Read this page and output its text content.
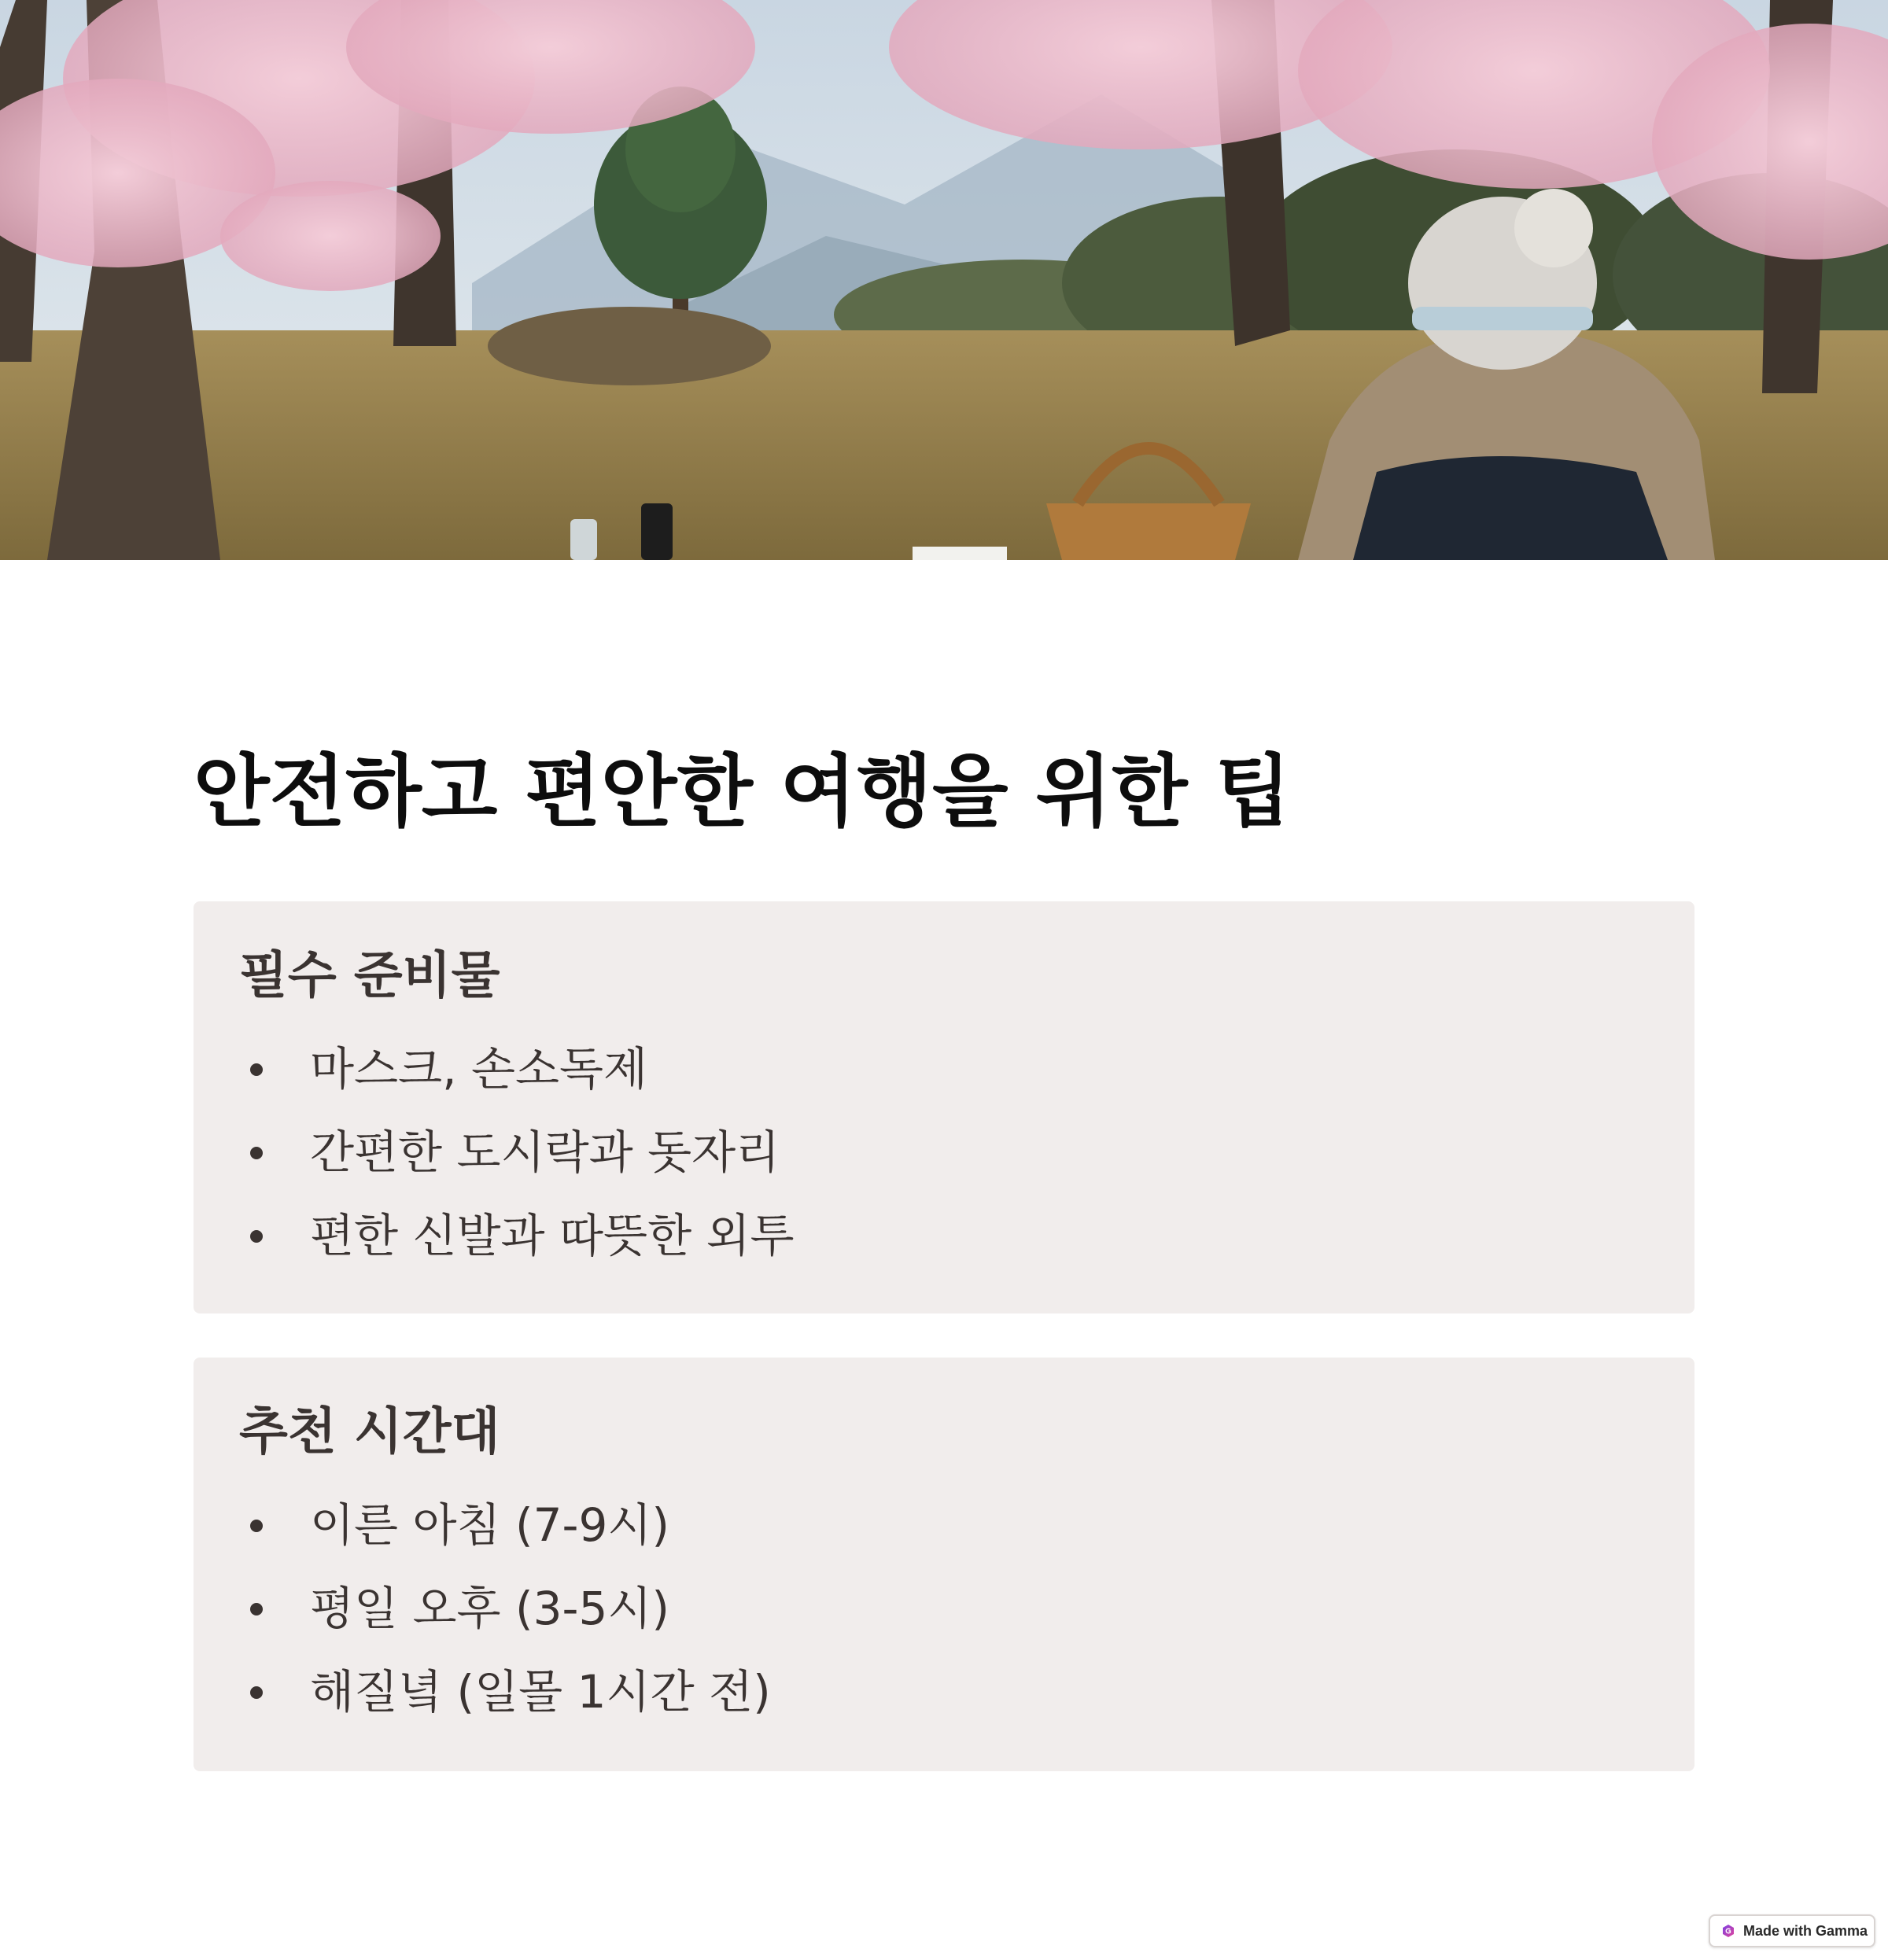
안전하고 편안한 여행을 위한 팁
필수 준비물
마스크, 손소독제
간편한 도시락과 돗자리
편한 신발과 따뜻한 외투
추천 시간대
이른 아침 (7-9시)
평일 오후 (3-5시)
해질녘 (일몰 1시간 전)
Made with Gamma
